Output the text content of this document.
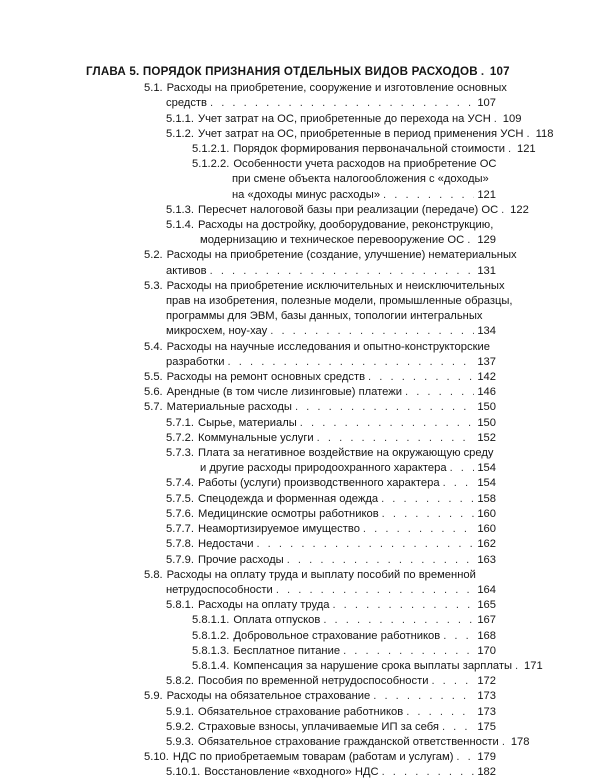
ГЛАВА 5. ПОРЯДОК ПРИЗНАНИЯ ОТДЕЛЬНЫХ ВИДОВ РАСХОДОВ . . . 107
5.1. Расходы на приобретение, сооружение и изготовление основных
средств . . .	107
5.1.1. Учет затрат на ОС, приобретенные до перехода на УСН . . . 109
5.1.2. Учет затрат на ОС, приобретенные в период применения УСН . . . 118
5.1.2.1. Порядок формирования первоначальной стоимости . . . 121
5.1.2.2. Особенности учета расходов на приобретение ОС
при смене объекта налогообложения с «доходы»
на «доходы минус расходы» . . .	121
5.1.3. Пересчет налоговой базы при реализации (передаче) ОС . . . 122
5.1.4. Расходы на достройку, дооборудование, реконструкцию,
модернизацию и техническое перевооружение ОС . . . 129
5.2. Расходы на приобретение (создание, улучшение) нематериальных
активов . . .	131
5.3. Расходы на приобретение исключительных и неисключительных
прав на изобретения, полезные модели, промышленные образцы,
программы для ЭВМ, базы данных, топологии интегральных
микросхем, ноу-хау . . .	134
5.4. Расходы на научные исследования и опытно-конструкторские
разработки . . .	137
5.5. Расходы на ремонт основных средств . . .	142
5.6. Арендные (в том числе лизинговые) платежи . . .	146
5.7. Материальные расходы . . .	150
5.7.1. Сырье, материалы . . .	150
5.7.2. Коммунальные услуги . . .	152
5.7.3. Плата за негативное воздействие на окружающую среду
и другие расходы природоохранного характера . . .	154
5.7.4. Работы (услуги) производственного характера . . .	154
5.7.5. Спецодежда и форменная одежда . . .	158
5.7.6. Медицинские осмотры работников . . .	160
5.7.7. Неамортизируемое имущество . . .	160
5.7.8. Недостачи . . .	162
5.7.9. Прочие расходы . . .	163
5.8. Расходы на оплату труда и выплату пособий по временной
нетрудоспособности . . .	164
5.8.1. Расходы на оплату труда . . .	165
5.8.1.1. Оплата отпусков . . .	167
5.8.1.2. Добровольное страхование работников . . .	168
5.8.1.3. Бесплатное питание . . .	170
5.8.1.4. Компенсация за нарушение срока выплаты зарплаты . . . 171
5.8.2. Пособия по временной нетрудоспособности . . .	172
5.9. Расходы на обязательное страхование . . .	173
5.9.1. Обязательное страхование работников . . .	173
5.9.2. Страховые взносы, уплачиваемые ИП за себя . . .	175
5.9.3. Обязательное страхование гражданской ответственности . . . 178
5.10. НДС по приобретаемым товарам (работам и услугам) . . . 179
5.10.1. Восстановление «входного» НДС . . .	182
